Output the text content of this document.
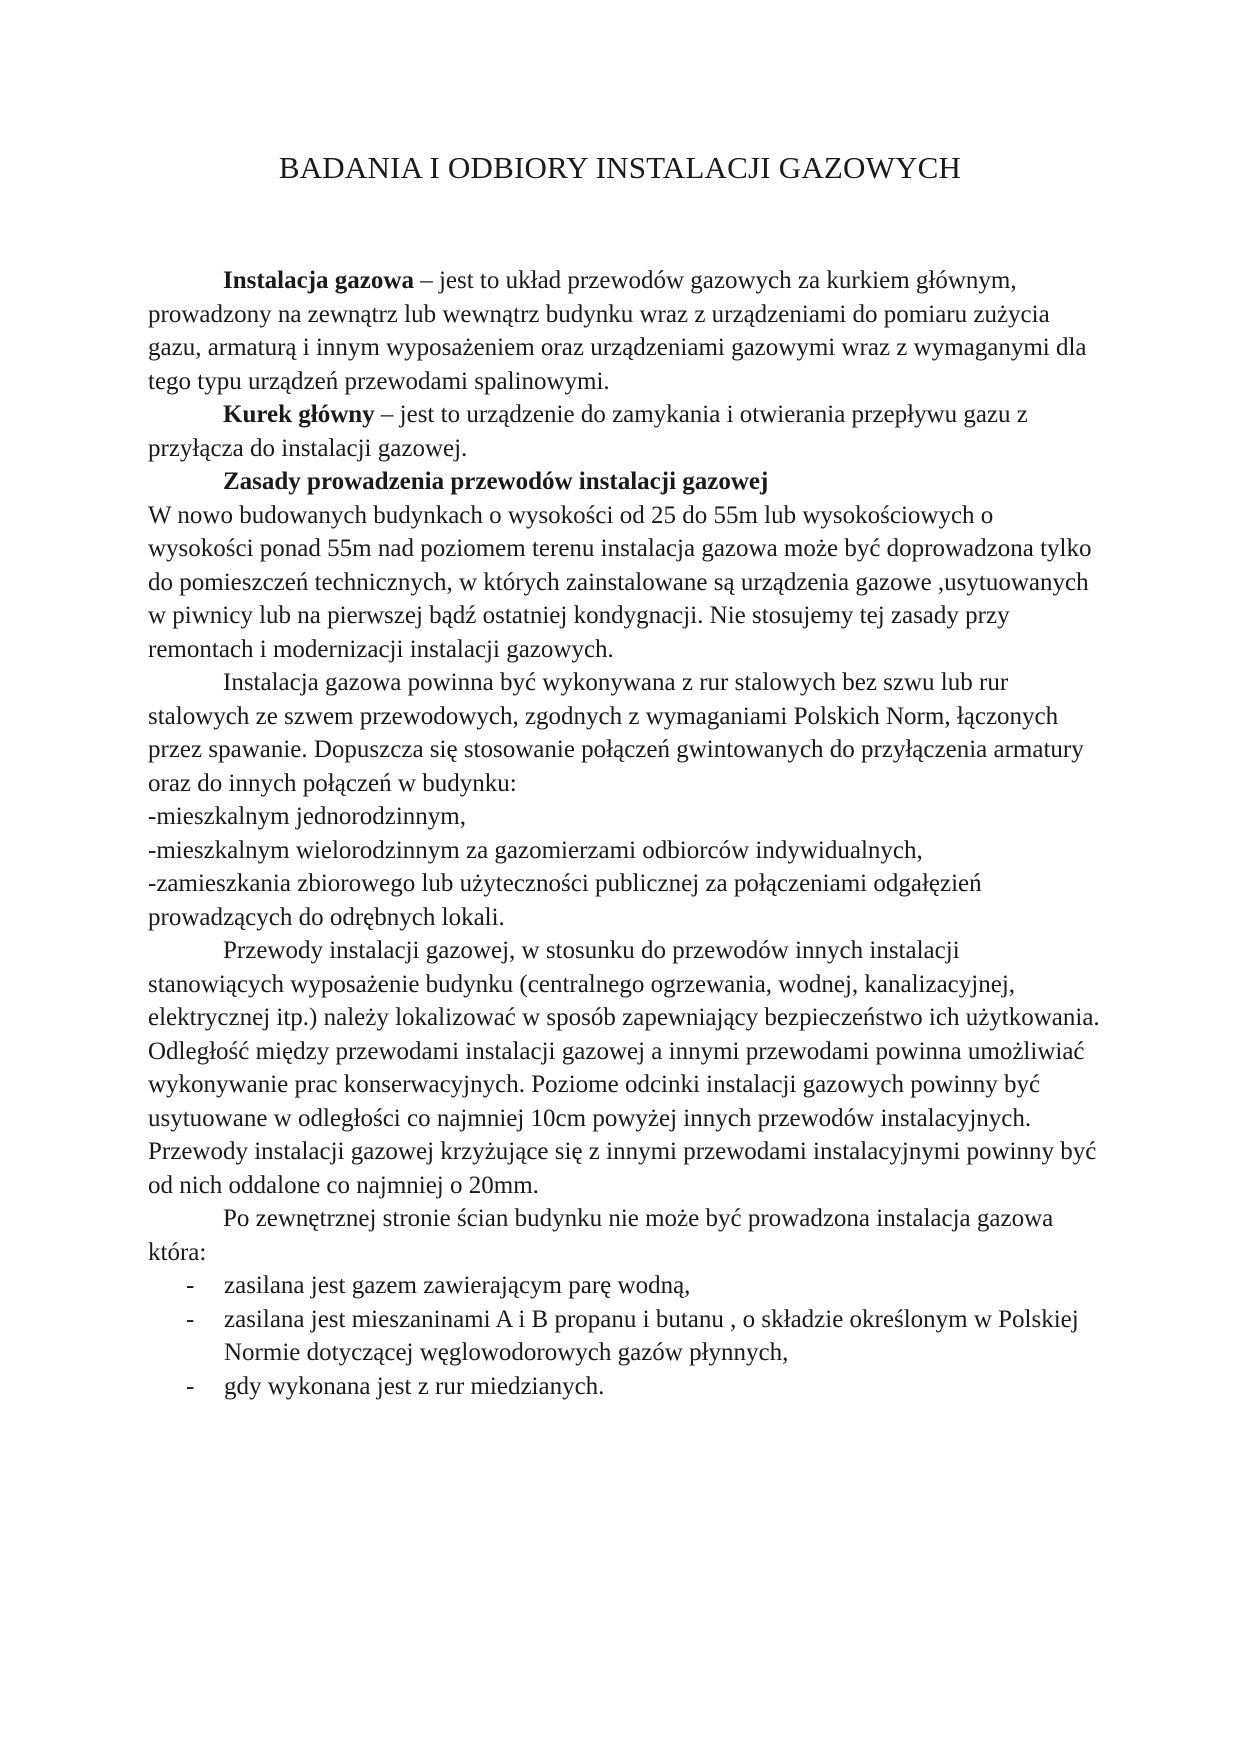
BADANIA I ODBIORY INSTALACJI GAZOWYCH

Instalacja gazowa – jest to układ przewodów gazowych za kurkiem głównym, prowadzony na zewnątrz lub wewnątrz budynku wraz z urządzeniami do pomiaru zużycia gazu, armaturą i innym wyposażeniem oraz urządzeniami gazowymi wraz z wymaganymi dla tego typu urządzeń przewodami spalinowymi.

Kurek główny – jest to urządzenie do zamykania i otwierania przepływu gazu z przyłącza do instalacji gazowej.

Zasady prowadzenia przewodów instalacji gazowej

W nowo budowanych budynkach o wysokości od 25 do 55m lub wysokościowych o wysokości ponad 55m nad poziomem terenu instalacja gazowa może być doprowadzona tylko do pomieszczeń technicznych, w których zainstalowane są urządzenia gazowe ,usytuowanych w piwnicy lub na pierwszej bądź ostatniej kondygnacji. Nie stosujemy tej zasady przy remontach i modernizacji instalacji gazowych.

Instalacja gazowa powinna być wykonywana z rur stalowych bez szwu lub rur stalowych ze szwem przewodowych, zgodnych z wymaganiami Polskich Norm, łączonych przez spawanie. Dopuszcza się stosowanie połączeń gwintowanych do przyłączenia armatury oraz do innych połączeń w budynku:

-mieszkalnym jednorodzinnym,

-mieszkalnym wielorodzinnym za gazomierzami odbiorców indywidualnych,

-zamieszkania zbiorowego lub użyteczności publicznej za połączeniami odgałęzień prowadzących do odrębnych lokali.

Przewody instalacji gazowej, w stosunku do przewodów innych instalacji stanowiących wyposażenie budynku (centralnego ogrzewania, wodnej, kanalizacyjnej, elektrycznej itp.) należy lokalizować w sposób zapewniający bezpieczeństwo ich użytkowania. Odległość między przewodami instalacji gazowej a innymi przewodami powinna umożliwiać wykonywanie prac konserwacyjnych. Poziome odcinki instalacji gazowych powinny być usytuowane w odległości co najmniej 10cm powyżej innych przewodów instalacyjnych. Przewody instalacji gazowej krzyżujące się z innymi przewodami instalacyjnymi powinny być od nich oddalone co najmniej o 20mm.

Po zewnętrznej stronie ścian budynku nie może być prowadzona instalacja gazowa która:

- zasilana jest gazem zawierającym parę wodną,
- zasilana jest mieszaninami A i B propanu i butanu , o składzie określonym w Polskiej Normie dotyczącej węglowodorowych gazów płynnych,
- gdy wykonana jest z rur miedzianych.
